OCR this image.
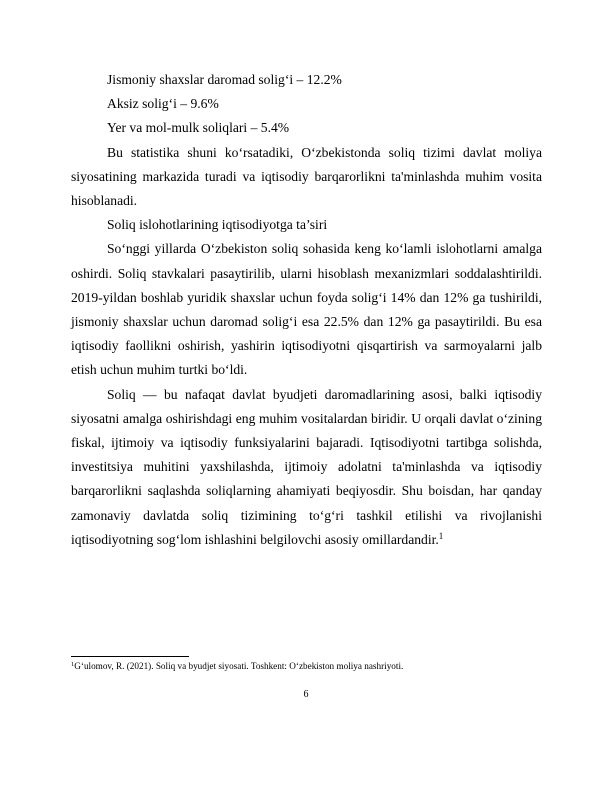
Jismoniy shaxslar daromad solig‘i – 12.2%

Aksiz solig‘i – 9.6%

Yer va mol-mulk soliqlari – 5.4%

Bu statistika shuni ko‘rsatadiki, O‘zbekistonda soliq tizimi davlat moliya siyosatining markazida turadi va iqtisodiy barqarorlikni ta'minlashda muhim vosita hisoblanadi.

Soliq islohotlarining iqtisodiyotga ta’siri

So‘nggi yillarda O‘zbekiston soliq sohasida keng ko‘lamli islohotlarni amalga oshirdi. Soliq stavkalari pasaytirilib, ularni hisoblash mexanizmlari soddalashtirildi. 2019-yildan boshlab yuridik shaxslar uchun foyda solig‘i 14% dan 12% ga tushirildi, jismoniy shaxslar uchun daromad solig‘i esa 22.5% dan 12% ga pasaytirildi. Bu esa iqtisodiy faollikni oshirish, yashirin iqtisodiyotni qisqartirish va sarmoyalarni jalb etish uchun muhim turtki bo‘ldi.

Soliq — bu nafaqat davlat byudjeti daromadlarining asosi, balki iqtisodiy siyosatni amalga oshirishdagi eng muhim vositalardan biridir. U orqali davlat o‘zining fiskal, ijtimoiy va iqtisodiy funksiyalarini bajaradi. Iqtisodiyotni tartibga solishda, investitsiya muhitini yaxshilashda, ijtimoiy adolatni ta'minlashda va iqtisodiy barqarorlikni saqlashda soliqlarning ahamiyati beqiyosdir. Shu boisdan, har qanday zamonaviy davlatda soliq tizimining to‘g‘ri tashkil etilishi va rivojlanishi iqtisodiyotning sog‘lom ishlashini belgilovchi asosiy omillardandir.$^1$

$^1$G‘ulomov, R. (2021). Soliq va byudjet siyosati. Toshkent: O‘zbekiston moliya nashriyoti.
6
